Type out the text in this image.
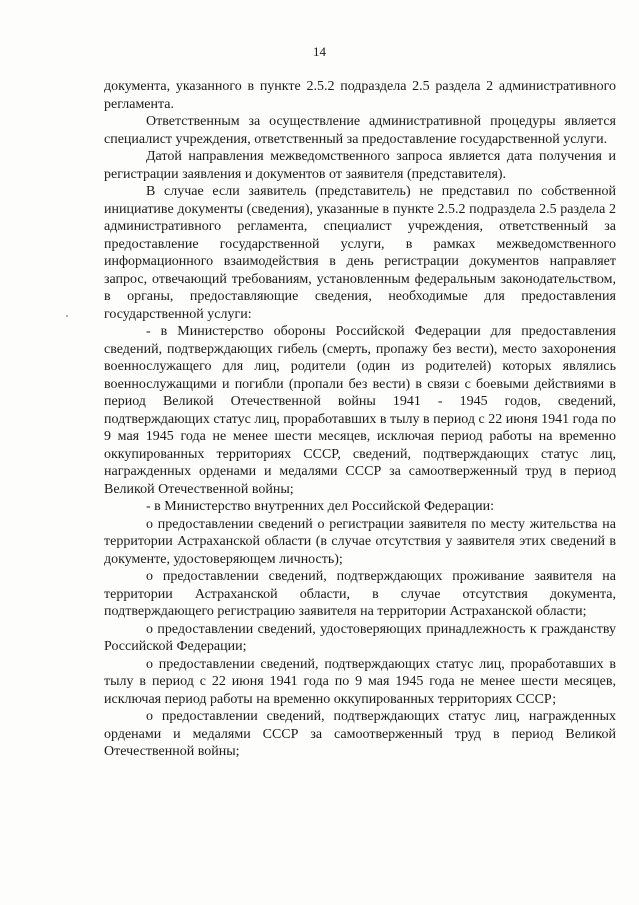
14

документа, указанного в пункте 2.5.2 подраздела 2.5 раздела 2 административного регламента.

Ответственным за осуществление административной процедуры является специалист учреждения, ответственный за предоставление государственной услуги.

Датой направления межведомственного запроса является дата получения и регистрации заявления и документов от заявителя (представителя).

В случае если заявитель (представитель) не представил по собственной инициативе документы (сведения), указанные в пункте 2.5.2 подраздела 2.5 раздела 2 административного регламента, специалист учреждения, ответственный за предоставление государственной услуги, в рамках межведомственного информационного взаимодействия в день регистрации документов направляет запрос, отвечающий требованиям, установленным федеральным законодательством, в органы, предоставляющие сведения, необходимые для предоставления государственной услуги:

- в Министерство обороны Российской Федерации для предоставления сведений, подтверждающих гибель (смерть, пропажу без вести), место захоронения военнослужащего для лиц, родители (один из родителей) которых являлись военнослужащими и погибли (пропали без вести) в связи с боевыми действиями в период Великой Отечественной войны 1941 - 1945 годов, сведений, подтверждающих статус лиц, проработавших в тылу в период с 22 июня 1941 года по 9 мая 1945 года не менее шести месяцев, исключая период работы на временно оккупированных территориях СССР, сведений, подтверждающих статус лиц, награжденных орденами и медалями СССР за самоотверженный труд в период Великой Отечественной войны;

- в Министерство внутренних дел Российской Федерации:

о предоставлении сведений о регистрации заявителя по месту жительства на территории Астраханской области (в случае отсутствия у заявителя этих сведений в документе, удостоверяющем личность);

о предоставлении сведений, подтверждающих проживание заявителя на территории Астраханской области, в случае отсутствия документа, подтверждающего регистрацию заявителя на территории Астраханской области;

о предоставлении сведений, удостоверяющих принадлежность к гражданству Российской Федерации;

о предоставлении сведений, подтверждающих статус лиц, проработавших в тылу в период с 22 июня 1941 года по 9 мая 1945 года не менее шести месяцев, исключая период работы на временно оккупированных территориях СССР;

о предоставлении сведений, подтверждающих статус лиц, награжденных орденами и медалями СССР за самоотверженный труд в период Великой Отечественной войны;
